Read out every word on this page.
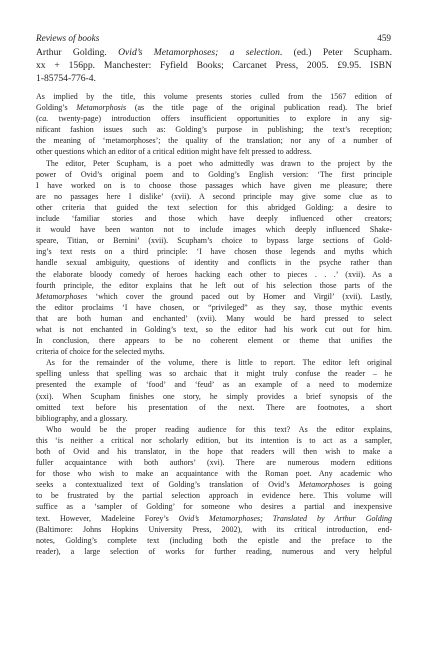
Reviews of books	459
Arthur Golding. Ovid’s Metamorphoses; a selection. (ed.) Peter Scupham.
xx + 156pp. Manchester: Fyfield Books; Carcanet Press, 2005. £9.95. ISBN
1-85754-776-4.

As implied by the title, this volume presents stories culled from the 1567 edition of
Golding’s Metamorphosis (as the title page of the original publication read). The brief
(ca. twenty-page) introduction offers insufficient opportunities to explore in any sig-
nificant fashion issues such as: Golding’s purpose in publishing; the text’s reception;
the meaning of ‘metamorphoses’; the quality of the translation; nor any of a number of
other questions which an editor of a critical edition might have felt pressed to address.

The editor, Peter Scupham, is a poet who admittedly was drawn to the project by the
power of Ovid’s original poem and to Golding’s English version: ‘The first principle
I have worked on is to choose those passages which have given me pleasure; there
are no passages here I dislike’ (xvii). A second principle may give some clue as to
other criteria that guided the text selection for this abridged Golding: a desire to
include ‘familiar stories and those which have deeply influenced other creators;
it would have been wanton not to include images which deeply influenced Shake-
speare, Titian, or Bernini’ (xvii). Scupham’s choice to bypass large sections of Gold-
ing’s text rests on a third principle: ‘I have chosen those legends and myths which
handle sexual ambiguity, questions of identity and conflicts in the psyche rather than
the elaborate bloody comedy of heroes hacking each other to pieces . . .’ (xvii). As a
fourth principle, the editor explains that he left out of his selection those parts of the
Metamorphoses ‘which cover the ground paced out by Homer and Virgil’ (xvii). Lastly,
the editor proclaims ‘I have chosen, or “privileged” as they say, those mythic events
that are both human and enchanted’ (xvii). Many would be hard pressed to select
what is not enchanted in Golding’s text, so the editor had his work cut out for him.
In conclusion, there appears to be no coherent element or theme that unifies the
criteria of choice for the selected myths.

As for the remainder of the volume, there is little to report. The editor left original
spelling unless that spelling was so archaic that it might truly confuse the reader – he
presented the example of ‘food’ and ‘feud’ as an example of a need to modernize
(xxi). When Scupham finishes one story, he simply provides a brief synopsis of the
omitted text before his presentation of the next. There are footnotes, a short
bibliography, and a glossary.

Who would be the proper reading audience for this text? As the editor explains,
this ‘is neither a critical nor scholarly edition, but its intention is to act as a sampler,
both of Ovid and his translator, in the hope that readers will then wish to make a
fuller acquaintance with both authors’ (xvi). There are numerous modern editions
for those who wish to make an acquaintance with the Roman poet. Any academic who
seeks a contextualized text of Golding’s translation of Ovid’s Metamorphoses is going
to be frustrated by the partial selection approach in evidence here. This volume will
suffice as a ‘sampler of Golding’ for someone who desires a partial and inexpensive
text. However, Madeleine Forey’s Ovid’s Metamorphoses; Translated by Arthur Golding
(Baltimore: Johns Hopkins University Press, 2002), with its critical introduction, end-
notes, Golding’s complete text (including both the epistle and the preface to the
reader), a large selection of works for further reading, numerous and very helpful
